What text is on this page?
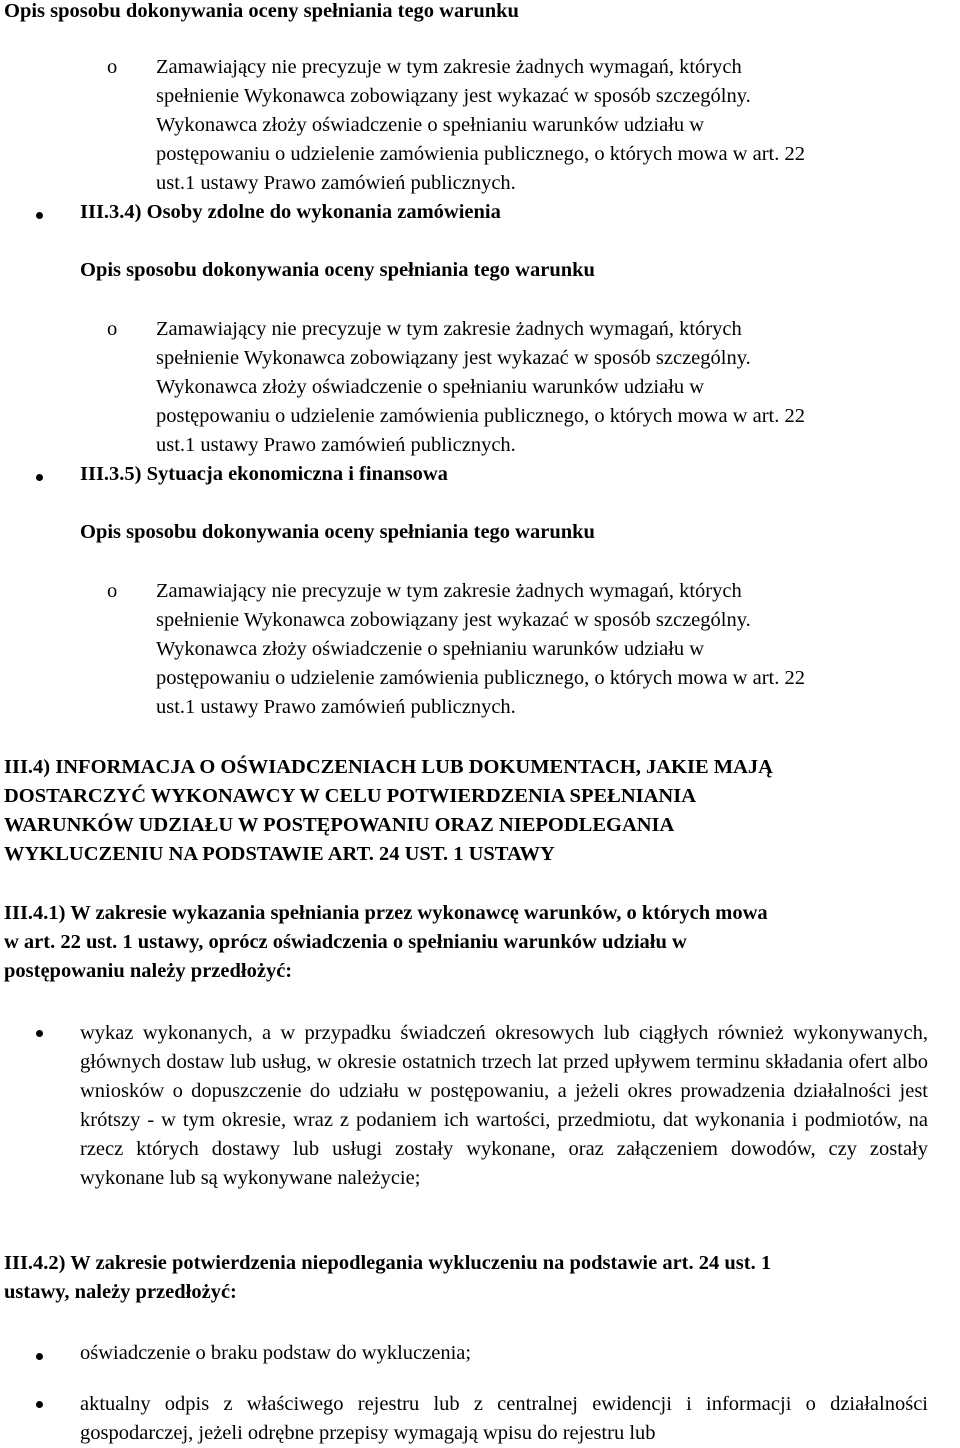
Opis sposobu dokonywania oceny spełniania tego warunku
o Zamawiający nie precyzuje w tym zakresie żadnych wymagań, których
spełnienie Wykonawca zobowiązany jest wykazać w sposób szczególny.
Wykonawca złoży oświadczenie o spełnianiu warunków udziału w
postępowaniu o udzielenie zamówienia publicznego, o których mowa w art. 22
ust.1 ustawy Prawo zamówień publicznych.
III.3.4) Osoby zdolne do wykonania zamówienia
Opis sposobu dokonywania oceny spełniania tego warunku
o Zamawiający nie precyzuje w tym zakresie żadnych wymagań, których
spełnienie Wykonawca zobowiązany jest wykazać w sposób szczególny.
Wykonawca złoży oświadczenie o spełnianiu warunków udziału w
postępowaniu o udzielenie zamówienia publicznego, o których mowa w art. 22
ust.1 ustawy Prawo zamówień publicznych.
III.3.5) Sytuacja ekonomiczna i finansowa
Opis sposobu dokonywania oceny spełniania tego warunku
o Zamawiający nie precyzuje w tym zakresie żadnych wymagań, których
spełnienie Wykonawca zobowiązany jest wykazać w sposób szczególny.
Wykonawca złoży oświadczenie o spełnianiu warunków udziału w
postępowaniu o udzielenie zamówienia publicznego, o których mowa w art. 22
ust.1 ustawy Prawo zamówień publicznych.
III.4) INFORMACJA O OŚWIADCZENIACH LUB DOKUMENTACH, JAKIE MAJĄ
DOSTARCZYĆ WYKONAWCY W CELU POTWIERDZENIA SPEŁNIANIA
WARUNKÓW UDZIAŁU W POSTĘPOWANIU ORAZ NIEPODLEGANIA
WYKLUCZENIU NA PODSTAWIE ART. 24 UST. 1 USTAWY
III.4.1) W zakresie wykazania spełniania przez wykonawcę warunków, o których mowa
w art. 22 ust. 1 ustawy, oprócz oświadczenia o spełnianiu warunków udziału w
postępowaniu należy przedłożyć:
wykaz wykonanych, a w przypadku świadczeń okresowych lub ciągłych również wykonywanych, głównych dostaw lub usług, w okresie ostatnich trzech lat przed upływem terminu składania ofert albo wniosków o dopuszczenie do udziału w postępowaniu, a jeżeli okres prowadzenia działalności jest krótszy - w tym okresie, wraz z podaniem ich wartości, przedmiotu, dat wykonania i podmiotów, na rzecz których dostawy lub usługi zostały wykonane, oraz załączeniem dowodów, czy zostały wykonane lub są wykonywane należycie;
III.4.2) W zakresie potwierdzenia niepodlegania wykluczeniu na podstawie art. 24 ust. 1
ustawy, należy przedłożyć:
oświadczenie o braku podstaw do wykluczenia;
aktualny odpis z właściwego rejestru lub z centralnej ewidencji i informacji o działalności gospodarczej, jeżeli odrębne przepisy wymagają wpisu do rejestru lub
